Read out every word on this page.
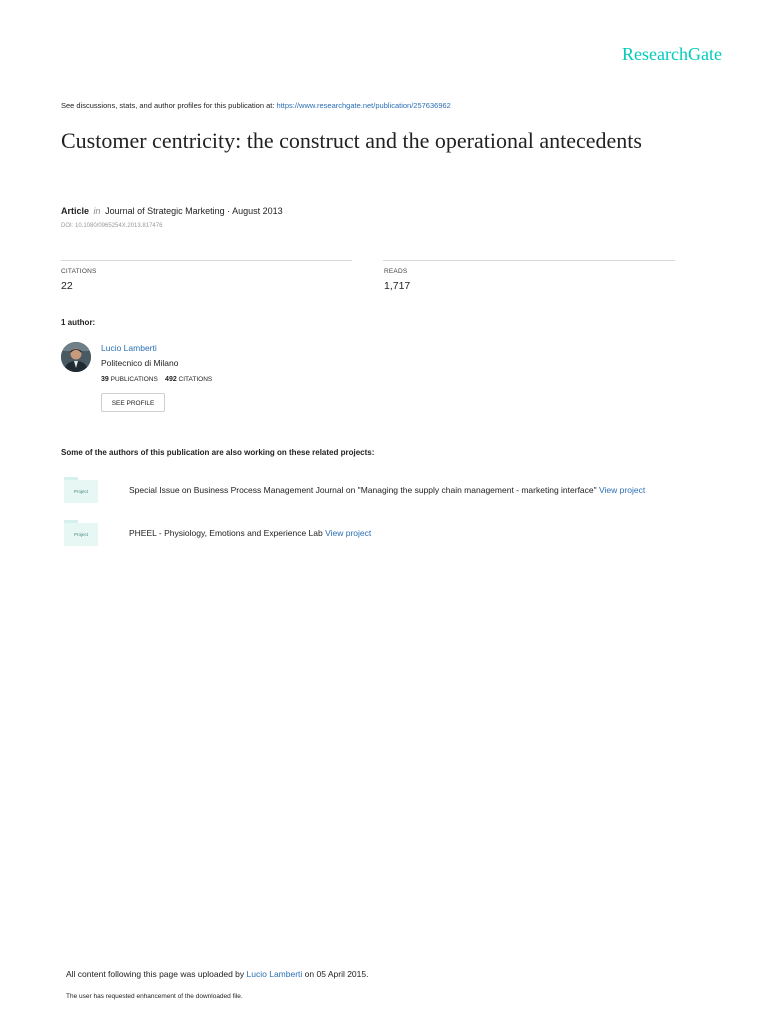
ResearchGate
See discussions, stats, and author profiles for this publication at: https://www.researchgate.net/publication/257636962
Customer centricity: the construct and the operational antecedents
Article in Journal of Strategic Marketing · August 2013
DOI: 10.1080/0965254X.2013.817476
CITATIONS
22
READS
1,717
1 author:
Lucio Lamberti
Politecnico di Milano
39 PUBLICATIONS 492 CITATIONS
SEE PROFILE
Some of the authors of this publication are also working on these related projects:
Project	Special Issue on Business Process Management Journal on "Managing the supply chain management - marketing interface" View project
Project	PHEEL - Physiology, Emotions and Experience Lab View project
All content following this page was uploaded by Lucio Lamberti on 05 April 2015.
The user has requested enhancement of the downloaded file.
